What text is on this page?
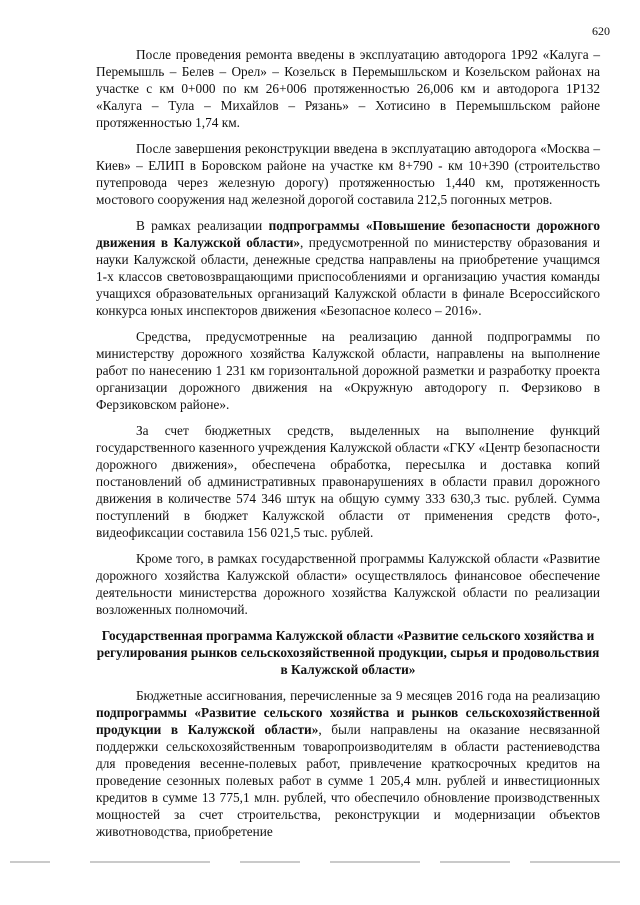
620

После проведения ремонта введены в эксплуатацию автодорога 1Р92 «Калуга – Перемышль – Белев – Орел» – Козельск в Перемышльском и Козельском районах на участке с км 0+000 по км 26+006 протяженностью 26,006 км и автодорога 1Р132 «Калуга – Тула – Михайлов – Рязань» – Хотисино в Перемышльском районе протяженностью 1,74 км.

После завершения реконструкции введена в эксплуатацию автодорога «Москва – Киев» – ЕЛИП в Боровском районе на участке км 8+790 - км 10+390 (строительство путепровода через железную дорогу) протяженностью 1,440 км, протяженность мостового сооружения над железной дорогой составила 212,5 погонных метров.

В рамках реализации подпрограммы «Повышение безопасности дорожного движения в Калужской области», предусмотренной по министерству образования и науки Калужской области, денежные средства направлены на приобретение учащимся 1-х классов световозвращающими приспособлениями и организацию участия команды учащихся образовательных организаций Калужской области в финале Всероссийского конкурса юных инспекторов движения «Безопасное колесо – 2016».

Средства, предусмотренные на реализацию данной подпрограммы по министерству дорожного хозяйства Калужской области, направлены на выполнение работ по нанесению 1 231 км горизонтальной дорожной разметки и разработку проекта организации дорожного движения на «Окружную автодорогу п. Ферзиково в Ферзиковском районе».

За счет бюджетных средств, выделенных на выполнение функций государственного казенного учреждения Калужской области «ГКУ «Центр безопасности дорожного движения», обеспечена обработка, пересылка и доставка копий постановлений об административных правонарушениях в области правил дорожного движения в количестве 574 346 штук на общую сумму 333 630,3 тыс. рублей. Сумма поступлений в бюджет Калужской области от применения средств фото-, видеофиксации составила 156 021,5 тыс. рублей.

Кроме того, в рамках государственной программы Калужской области «Развитие дорожного хозяйства Калужской области» осуществлялось финансовое обеспечение деятельности министерства дорожного хозяйства Калужской области по реализации возложенных полномочий.

Государственная программа Калужской области «Развитие сельского хозяйства и регулирования рынков сельскохозяйственной продукции, сырья и продовольствия в Калужской области»

Бюджетные ассигнования, перечисленные за 9 месяцев 2016 года на реализацию подпрограммы «Развитие сельского хозяйства и рынков сельскохозяйственной продукции в Калужской области», были направлены на оказание несвязанной поддержки сельскохозяйственным товаропроизводителям в области растениеводства для проведения весенне-полевых работ, привлечение краткосрочных кредитов на проведение сезонных полевых работ в сумме 1 205,4 млн. рублей и инвестиционных кредитов в сумме 13 775,1 млн. рублей, что обеспечило обновление производственных мощностей за счет строительства, реконструкции и модернизации объектов животноводства, приобретение
